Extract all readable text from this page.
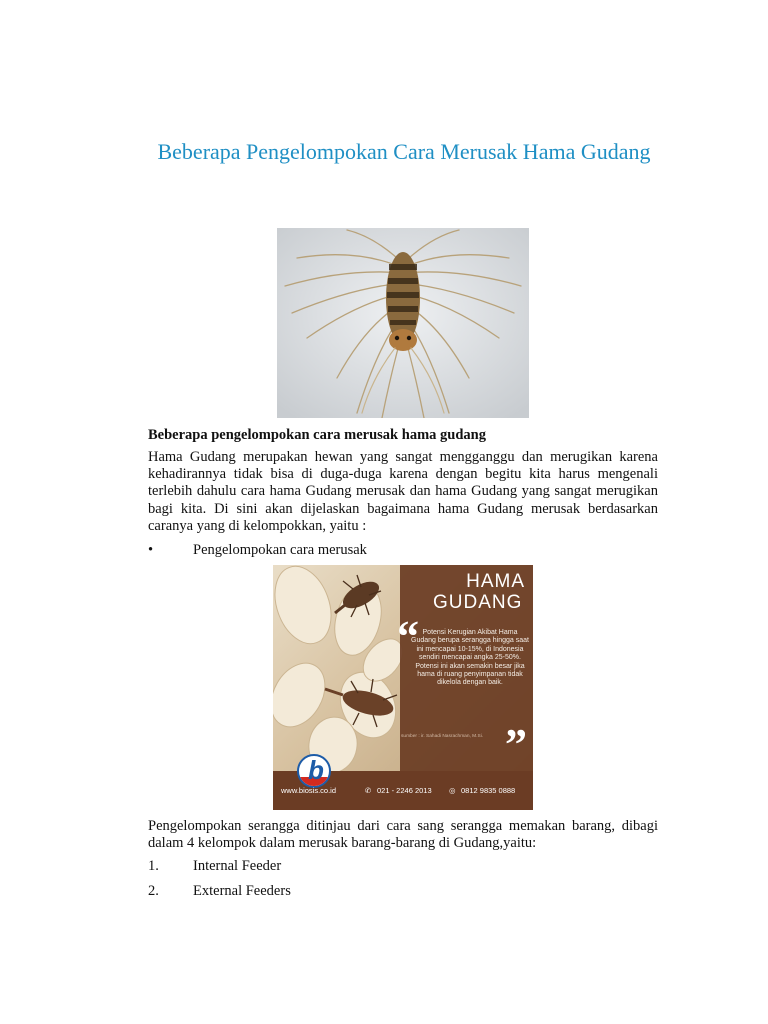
Beberapa Pengelompokan Cara Merusak Hama Gudang
Beberapa pengelompokan cara merusak hama gudang
Hama Gudang merupakan hewan yang sangat mengganggu dan merugikan karena kehadirannya tidak bisa di duga-duga karena dengan begitu kita harus mengenali terlebih dahulu cara hama Gudang merusak dan hama Gudang yang sangat merugikan bagi kita. Di sini akan dijelaskan bagaimana hama Gudang merusak berdasarkan caranya yang di kelompokkan, yaitu :
•	Pengelompokan cara merusak
HAMA
GUDANG
“ Potensi Kerugian Akibat Hama Gudang berupa serangga hingga saat ini mencapai 10-15%, di Indonesia sendiri mencapai angka 25-50%. Potensi ini akan semakin besar jika hama di ruang penyimpanan tidak dikelola dengan baik.
sumber : ir. Sahadi Nasrachman, M.Si. ”
b
www.biosis.co.id	✆ 021 - 2246 2013 ◎ 0812 9835 0888
Pengelompokan serangga ditinjau dari cara sang serangga memakan barang, dibagi dalam 4 kelompok dalam merusak barang-barang di Gudang,yaitu:
1. Internal Feeder
2. External Feeders
